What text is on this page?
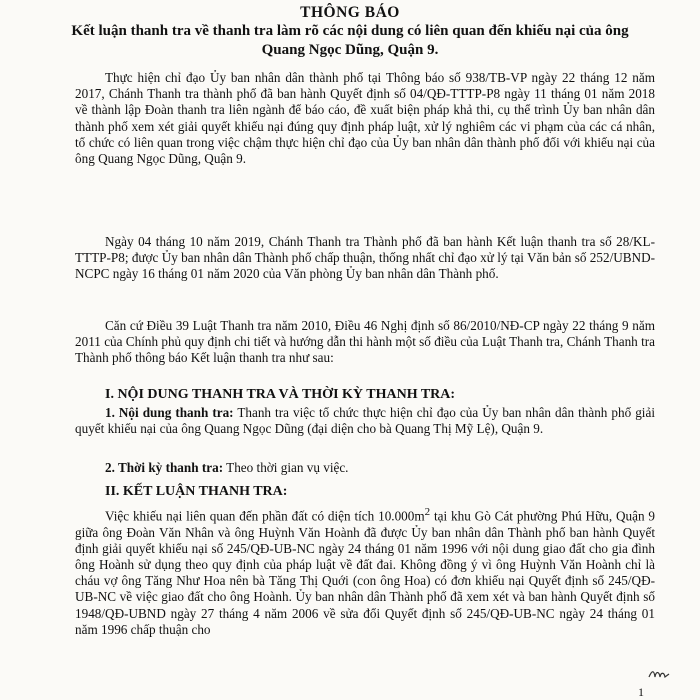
THÔNG BÁO
Kết luận thanh tra về thanh tra làm rõ các nội dung có liên quan đến khiếu nại của ông Quang Ngọc Dũng, Quận 9.
Thực hiện chỉ đạo Ủy ban nhân dân thành phố tại Thông báo số 938/TB-VP ngày 22 tháng 12 năm 2017, Chánh Thanh tra thành phố đã ban hành Quyết định số 04/QĐ-TTTP-P8 ngày 11 tháng 01 năm 2018 về thành lập Đoàn thanh tra liên ngành để báo cáo, đề xuất biện pháp khả thi, cụ thể trình Ủy ban nhân dân thành phố xem xét giải quyết khiếu nại đúng quy định pháp luật, xử lý nghiêm các vi phạm của các cá nhân, tổ chức có liên quan trong việc chậm thực hiện chỉ đạo của Ủy ban nhân dân thành phố đối với khiếu nại của ông Quang Ngọc Dũng, Quận 9.
Ngày 04 tháng 10 năm 2019, Chánh Thanh tra Thành phố đã ban hành Kết luận thanh tra số 28/KL-TTTP-P8; được Ủy ban nhân dân Thành phố chấp thuận, thống nhất chỉ đạo xử lý tại Văn bản số 252/UBND-NCPC ngày 16 tháng 01 năm 2020 của Văn phòng Ủy ban nhân dân Thành phố.
Căn cứ Điều 39 Luật Thanh tra năm 2010, Điều 46 Nghị định số 86/2010/NĐ-CP ngày 22 tháng 9 năm 2011 của Chính phủ quy định chi tiết và hướng dẫn thi hành một số điều của Luật Thanh tra, Chánh Thanh tra Thành phố thông báo Kết luận thanh tra như sau:
I. NỘI DUNG THANH TRA VÀ THỜI KỲ THANH TRA:
1. Nội dung thanh tra: Thanh tra việc tổ chức thực hiện chỉ đạo của Ủy ban nhân dân thành phố giải quyết khiếu nại của ông Quang Ngọc Dũng (đại diện cho bà Quang Thị Mỹ Lệ), Quận 9.
2. Thời kỳ thanh tra: Theo thời gian vụ việc.
II. KẾT LUẬN THANH TRA:
Việc khiếu nại liên quan đến phần đất có diện tích $10.000m^2$ tại khu Gò Cát phường Phú Hữu, Quận 9 giữa ông Đoàn Văn Nhân và ông Huỳnh Văn Hoành đã được Ủy ban nhân dân Thành phố ban hành Quyết định giải quyết khiếu nại số 245/QĐ-UB-NC ngày 24 tháng 01 năm 1996 với nội dung giao đất cho gia đình ông Hoành sử dụng theo quy định của pháp luật về đất đai. Không đồng ý vì ông Huỳnh Văn Hoành chỉ là cháu vợ ông Tăng Như Hoa nên bà Tăng Thị Quới (con ông Hoa) có đơn khiếu nại Quyết định số 245/QĐ-UB-NC về việc giao đất cho ông Hoành. Ủy ban nhân dân Thành phố đã xem xét và ban hành Quyết định số 1948/QĐ-UBND ngày 27 tháng 4 năm 2006 về sửa đổi Quyết định số 245/QĐ-UB-NC ngày 24 tháng 01 năm 1996 chấp thuận cho
1
